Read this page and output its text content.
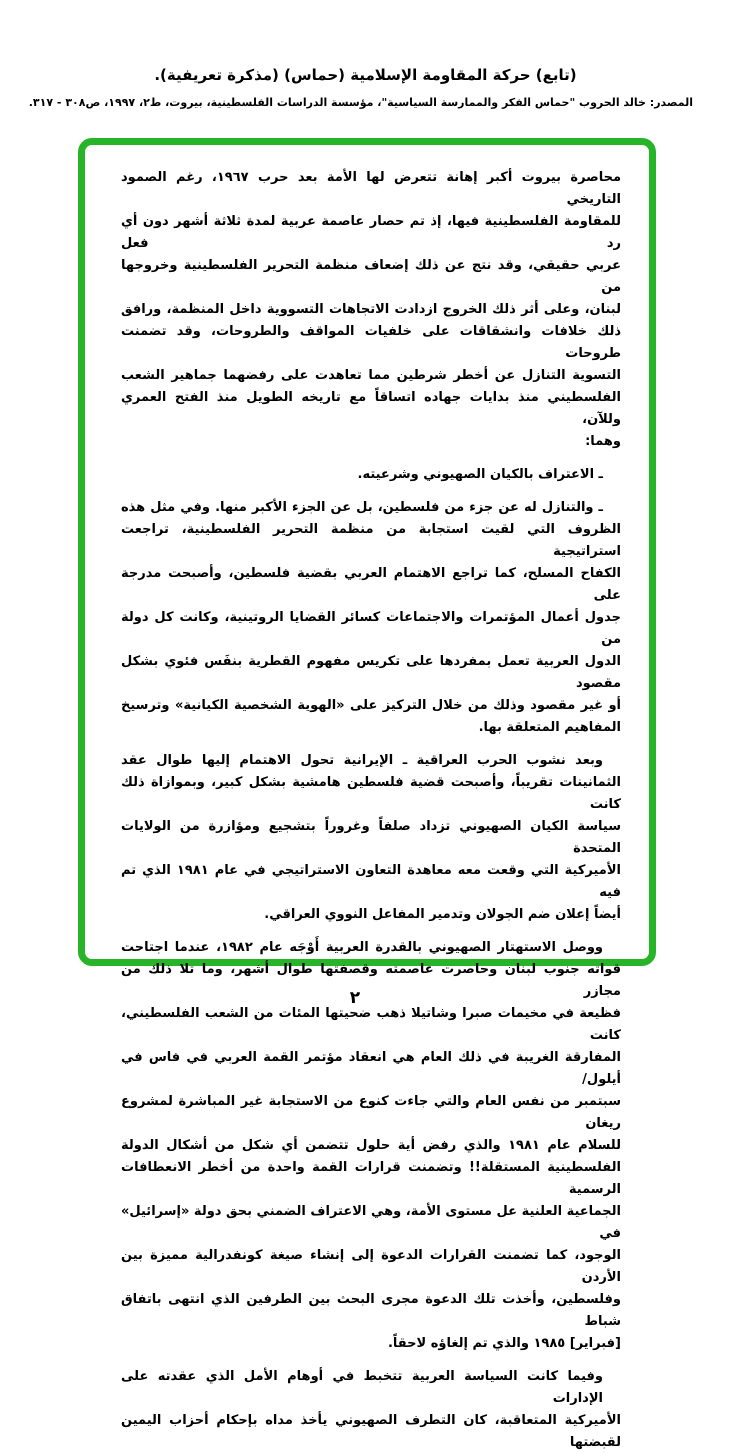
(تابع) حركة المقاومة الإسلامية (حماس) (مذكرة تعريفية).
المصدر: خالد الحروب "حماس الفكر والممارسة السياسية"، مؤسسة الدراسات الفلسطينية، بيروت، ط٢، ١٩٩٧، ص٣٠٨ - ٣١٧.
محاصرة بيروت أكبر إهانة تتعرض لها الأمة بعد حرب ١٩٦٧، رغم الصمود التاريخي
للمقاومة الفلسطينية فيها، إذ تم حصار عاصمة عربية لمدة ثلاثة أشهر دون أي رد فعل
عربي حقيقي، وقد نتج عن ذلك إضعاف منظمة التحرير الفلسطينية وخروجها من
لبنان، وعلى أثر ذلك الخروج ازدادت الاتجاهات التسووية داخل المنظمة، ورافق
ذلك خلافات وانشقاقات على خلفيات المواقف والطروحات، وقد تضمنت طروحات
التسوية التنازل عن أخطر شرطين مما تعاهدت على رفضهما جماهير الشعب
الفلسطيني منذ بدايات جهاده اتساقاً مع تاريخه الطويل منذ الفتح العمري وللآن،
وهما:
ـ الاعتراف بالكيان الصهيوني وشرعيته.
ـ والتنازل له عن جزء من فلسطين، بل عن الجزء الأكبر منها. وفي مثل هذه
الظروف التي لقيت استجابة من منظمة التحرير الفلسطينية، تراجعت استراتيجية
الكفاح المسلح، كما تراجع الاهتمام العربي بقضية فلسطين، وأصبحت مدرجة على
جدول أعمال المؤتمرات والاجتماعات كسائر القضايا الروتينية، وكانت كل دولة من
الدول العربية تعمل بمفردها على تكريس مفهوم القطرية بنفَس فئوي بشكل مقصود
أو غير مقصود وذلك من خلال التركيز على «الهوية الشخصية الكيانية» وترسيخ
المفاهيم المتعلقة بها.
وبعد نشوب الحرب العراقية ـ الإيرانية تحول الاهتمام إليها طوال عقد
الثمانينات تقريباً، وأصبحت قضية فلسطين هامشية بشكل كبير، وبموازاة ذلك كانت
سياسة الكيان الصهيوني تزداد صلفاً وغروراً بتشجيع ومؤازرة من الولايات المتحدة
الأميركية التي وقعت معه معاهدة التعاون الاستراتيجي في عام ١٩٨١ الذي تم فيه
أيضاً إعلان ضم الجولان وتدمير المفاعل النووي العراقي.
ووصل الاستهتار الصهيوني بالقدرة العربية أَوْجَه عام ١٩٨٢، عندما اجتاحت
قواته جنوب لبنان وحاصرت عاصمته وقصفتها طوال أشهر، وما تلا ذلك من مجازر
فظيعة في مخيمات صبرا وشاتيلا ذهب ضحيتها المئات من الشعب الفلسطيني، كانت
المفارقة الغريبة في ذلك العام هي انعقاد مؤتمر القمة العربي في فاس في أيلول/
سبتمبر من نفس العام والتي جاءت كنوع من الاستجابة غير المباشرة لمشروع ريغان
للسلام عام ١٩٨١ والذي رفض أية حلول تتضمن أي شكل من أشكال الدولة
الفلسطينية المستقلة!! وتضمنت قرارات القمة واحدة من أخطر الانعطافات الرسمية
الجماعية العلنية عل مستوى الأمة، وهي الاعتراف الضمني بحق دولة «إسرائيل» في
الوجود، كما تضمنت القرارات الدعوة إلى إنشاء صيغة كونفدرالية مميزة بين الأردن
وفلسطين، وأخذت تلك الدعوة مجرى البحث بين الطرفين الذي انتهى باتفاق شباط
[فبراير] ١٩٨٥ والذي تم إلغاؤه لاحقاً.
وفيما كانت السياسة العربية تتخبط في أوهام الأمل الذي عقدته على الإدارات
الأميركية المتعاقبة، كان التطرف الصهيوني يأخذ مداه بإحكام أحزاب اليمين لقبضتها
٢
